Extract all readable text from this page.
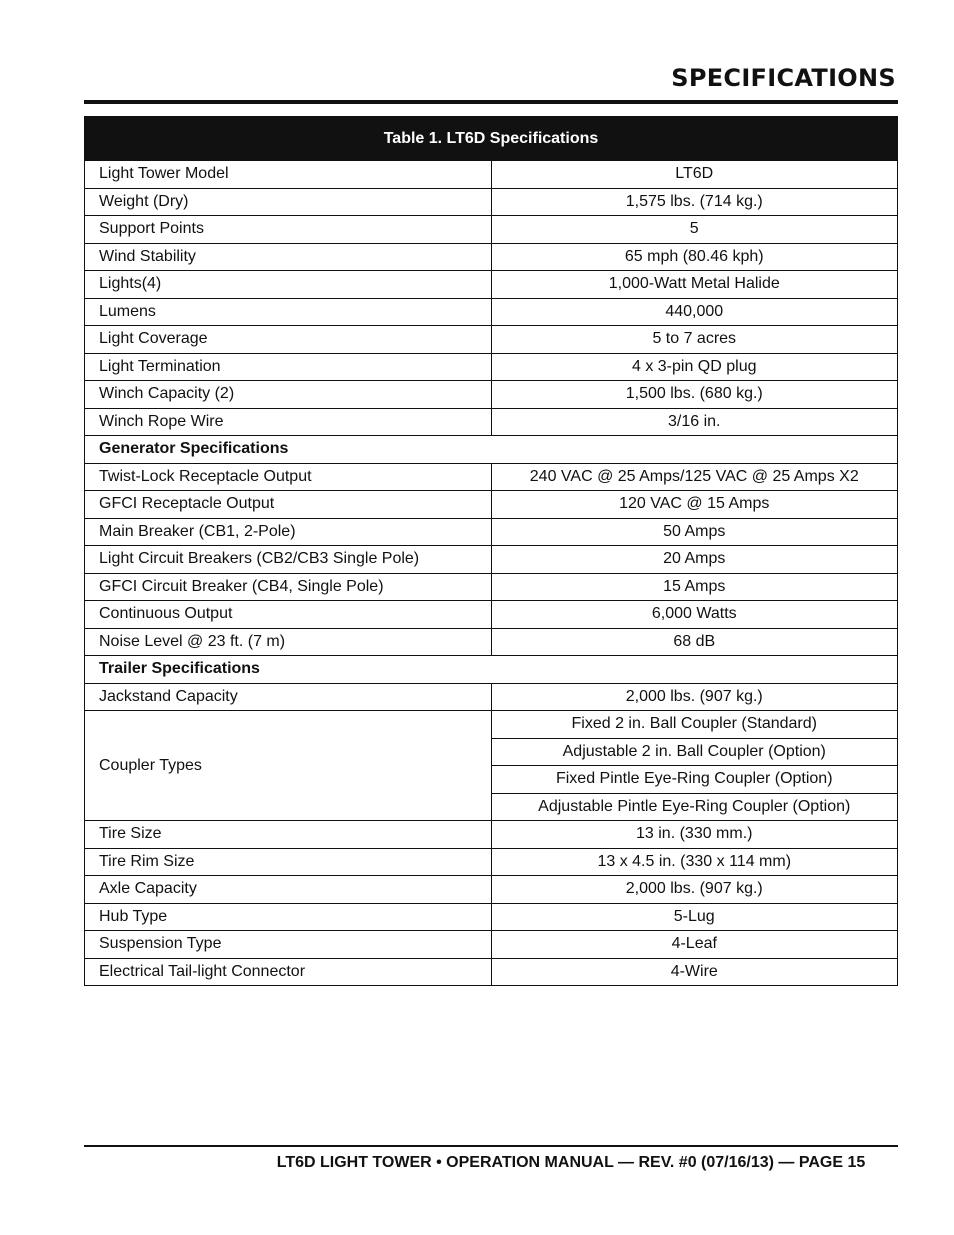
SPECIFICATIONS
Table 1. LT6D Specifications	
Light Tower Model	LT6D
Weight (Dry)	1,575 lbs. (714 kg.)
Support Points	5
Wind Stability	65 mph (80.46 kph)
Lights(4)	1,000-Watt Metal Halide
Lumens	440,000
Light Coverage	5 to 7 acres
Light Termination	4 x 3-pin QD plug
Winch Capacity (2)	1,500 lbs. (680 kg.)
Winch Rope Wire	3/16 in.
Generator Specifications	
Twist-Lock Receptacle Output	240 VAC @ 25 Amps/125 VAC @ 25 Amps X2
GFCI Receptacle Output	120 VAC @ 15 Amps
Main Breaker (CB1, 2-Pole)	50 Amps
Light Circuit Breakers (CB2/CB3 Single Pole)	20 Amps
GFCI Circuit Breaker (CB4, Single Pole)	15 Amps
Continuous Output	6,000 Watts
Noise Level @ 23 ft. (7 m)	68 dB
Trailer Specifications	
Jackstand Capacity	2,000 lbs. (907 kg.)
Coupler Types	Fixed 2 in. Ball Coupler (Standard)
	Adjustable 2 in. Ball Coupler (Option)
	Fixed Pintle Eye-Ring Coupler (Option)
	Adjustable Pintle Eye-Ring Coupler (Option)
Tire Size	13 in. (330 mm.)
Tire Rim Size	13 x 4.5 in. (330 x 114 mm)
Axle Capacity	2,000 lbs. (907 kg.)
Hub Type	5-Lug
Suspension Type	4-Leaf
Electrical Tail-light Connector	4-Wire
LT6D LIGHT TOWER • OPERATION MANUAL — REV. #0 (07/16/13) — PAGE 15
